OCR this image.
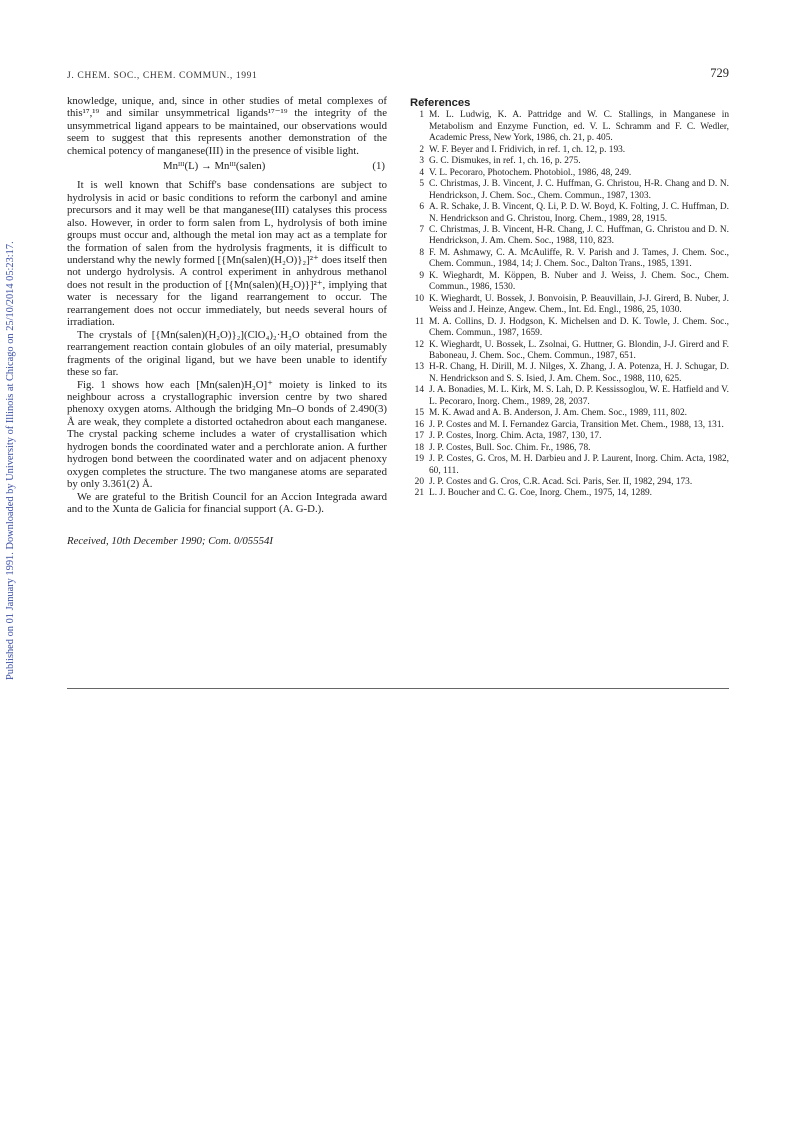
Published on 01 January 1991. Downloaded by University of Illinois at Chicago on 25/10/2014 05:23:17.
J. CHEM. SOC., CHEM. COMMUN., 1991	729

knowledge, unique, and, since in other studies of metal complexes of this¹⁷,¹⁹ and similar unsymmetrical ligands¹⁷⁻¹⁹ the integrity of the unsymmetrical ligand appears to be maintained, our observations would seem to suggest that this represents another demonstration of the chemical potency of manganese(III) in the presence of visible light.

Mnᴵᴵᴵ(L) → Mnᴵᴵᴵ(salen)	(1)

It is well known that Schiff's base condensations are subject to hydrolysis in acid or basic conditions to reform the carbonyl and amine precursors and it may well be that manganese(III) catalyses this process also. However, in order to form salen from L, hydrolysis of both imine groups must occur and, although the metal ion may act as a template for the formation of salen from the hydrolysis fragments, it is difficult to understand why the newly formed [{Mn(salen)(H₂O)}₂]²⁺ does itself then not undergo hydrolysis. A control experiment in anhydrous methanol does not result in the production of [{Mn(salen)(H₂O)}]²⁺, implying that water is necessary for the ligand rearrangement to occur. The rearrangement does not occur immediately, but needs several hours of irradiation.

The crystals of [{Mn(salen)(H₂O)}₂](ClO₄)₂·H₂O obtained from the rearrangement reaction contain globules of an oily material, presumably fragments of the original ligand, but we have been unable to identify these so far.

Fig. 1 shows how each [Mn(salen)H₂O]⁺ moiety is linked to its neighbour across a crystallographic inversion centre by two shared phenoxy oxygen atoms. Although the bridging Mn–O bonds of 2.490(3) Å are weak, they complete a distorted octahedron about each manganese. The crystal packing scheme includes a water of crystallisation which hydrogen bonds the coordinated water and a perchlorate anion. A further hydrogen bond between the coordinated water and on adjacent phenoxy oxygen completes the structure. The two manganese atoms are separated by only 3.361(2) Å.

We are grateful to the British Council for an Accion Integrada award and to the Xunta de Galicia for financial support (A. G-D.).

Received, 10th December 1990; Com. 0/05554I

References

1 M. L. Ludwig, K. A. Pattridge and W. C. Stallings, in Manganese in Metabolism and Enzyme Function, ed. V. L. Schramm and F. C. Wedler, Academic Press, New York, 1986, ch. 21, p. 405.
2 W. F. Beyer and I. Fridivich, in ref. 1, ch. 12, p. 193.
3 G. C. Dismukes, in ref. 1, ch. 16, p. 275.
4 V. L. Pecoraro, Photochem. Photobiol., 1986, 48, 249.
5 C. Christmas, J. B. Vincent, J. C. Huffman, G. Christou, H-R. Chang and D. N. Hendrickson, J. Chem. Soc., Chem. Commun., 1987, 1303.
6 A. R. Schake, J. B. Vincent, Q. Li, P. D. W. Boyd, K. Folting, J. C. Huffman, D. N. Hendrickson and G. Christou, Inorg. Chem., 1989, 28, 1915.
7 C. Christmas, J. B. Vincent, H-R. Chang, J. C. Huffman, G. Christou and D. N. Hendrickson, J. Am. Chem. Soc., 1988, 110, 823.
8 F. M. Ashmawy, C. A. McAuliffe, R. V. Parish and J. Tames, J. Chem. Soc., Chem. Commun., 1984, 14; J. Chem. Soc., Dalton Trans., 1985, 1391.
9 K. Wieghardt, M. Köppen, B. Nuber and J. Weiss, J. Chem. Soc., Chem. Commun., 1986, 1530.
10 K. Wieghardt, U. Bossek, J. Bonvoisin, P. Beauvillain, J-J. Girerd, B. Nuber, J. Weiss and J. Heinze, Angew. Chem., Int. Ed. Engl., 1986, 25, 1030.
11 M. A. Collins, D. J. Hodgson, K. Michelsen and D. K. Towle, J. Chem. Soc., Chem. Commun., 1987, 1659.
12 K. Wieghardt, U. Bossek, L. Zsolnai, G. Huttner, G. Blondin, J-J. Girerd and F. Baboneau, J. Chem. Soc., Chem. Commun., 1987, 651.
13 H-R. Chang, H. Dirill, M. J. Nilges, X. Zhang, J. A. Potenza, H. J. Schugar, D. N. Hendrickson and S. S. Isied, J. Am. Chem. Soc., 1988, 110, 625.
14 J. A. Bonadies, M. L. Kirk, M. S. Lah, D. P. Kessissoglou, W. E. Hatfield and V. L. Pecoraro, Inorg. Chem., 1989, 28, 2037.
15 M. K. Awad and A. B. Anderson, J. Am. Chem. Soc., 1989, 111, 802.
16 J. P. Costes and M. I. Fernandez Garcia, Transition Met. Chem., 1988, 13, 131.
17 J. P. Costes, Inorg. Chim. Acta, 1987, 130, 17.
18 J. P. Costes, Bull. Soc. Chim. Fr., 1986, 78.
19 J. P. Costes, G. Cros, M. H. Darbieu and J. P. Laurent, Inorg. Chim. Acta, 1982, 60, 111.
20 J. P. Costes and G. Cros, C.R. Acad. Sci. Paris, Ser. II, 1982, 294, 173.
21 L. J. Boucher and C. G. Coe, Inorg. Chem., 1975, 14, 1289.
